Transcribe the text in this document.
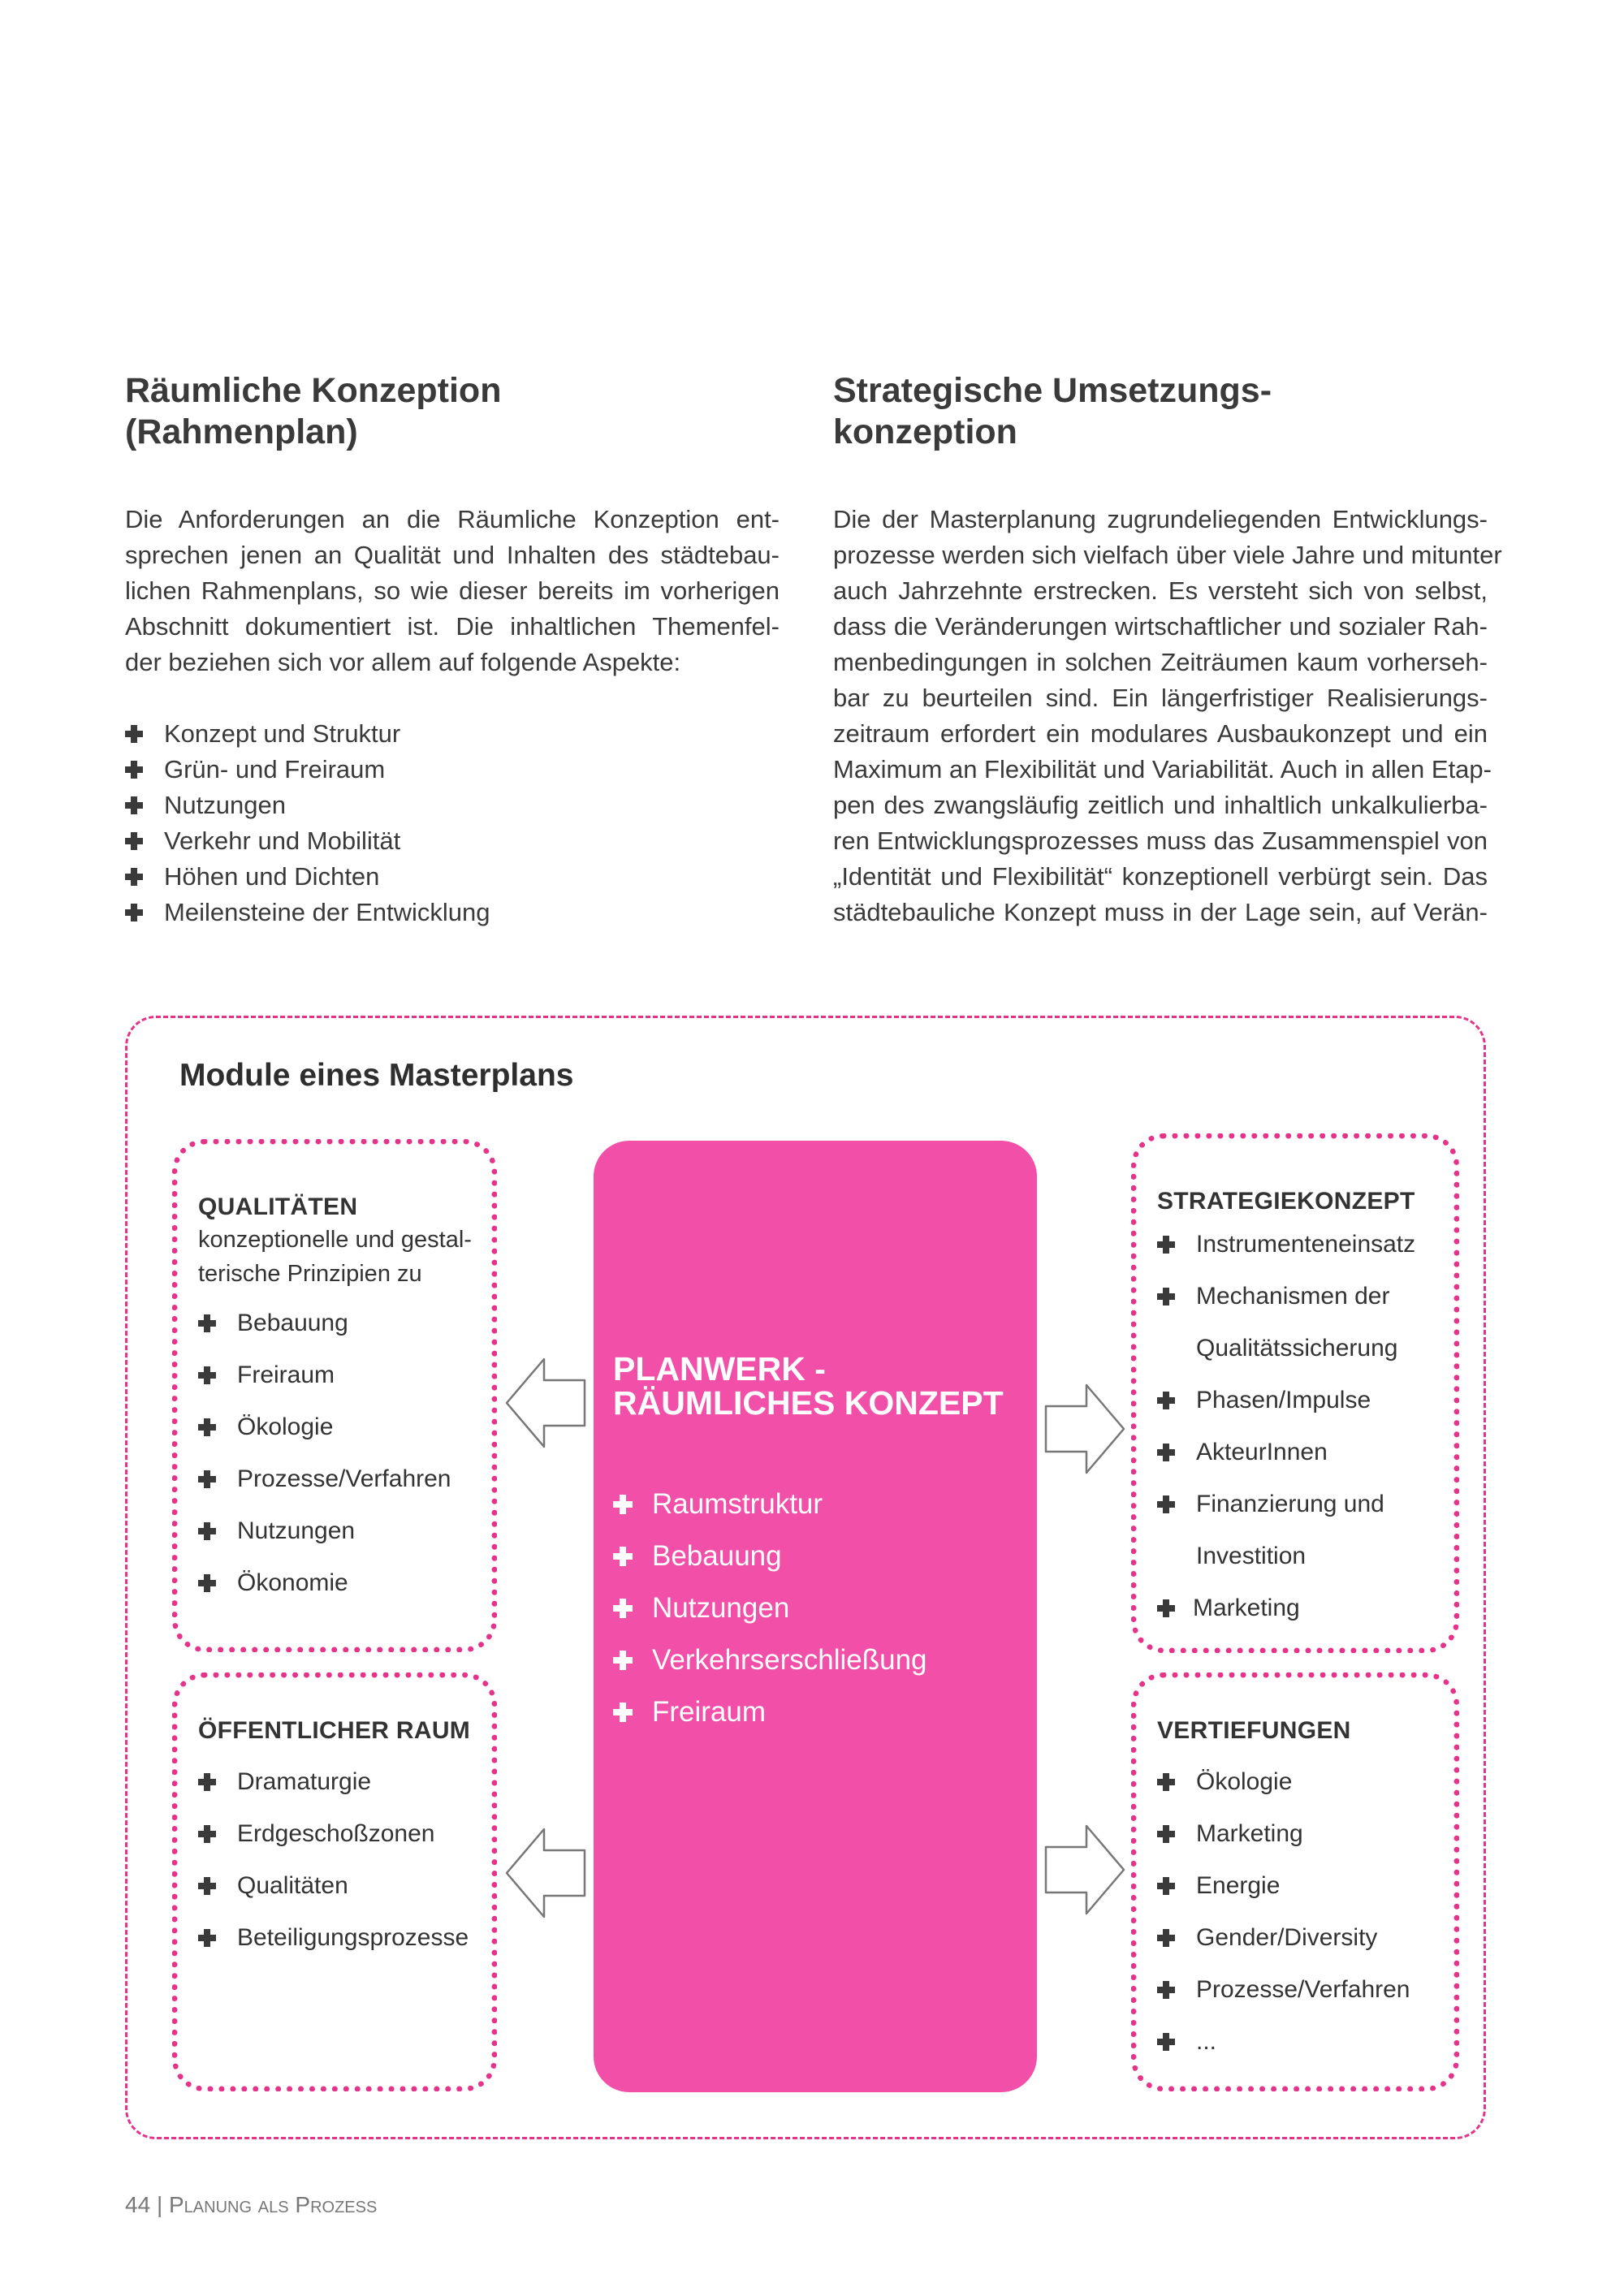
Räumliche Konzeption
(Rahmenplan)
Die Anforderungen an die Räumliche Konzeption ent-
sprechen jenen an Qualität und Inhalten des städtebau-
lichen Rahmenplans, so wie dieser bereits im vorherigen
Abschnitt dokumentiert ist. Die inhaltlichen Themenfel-
der beziehen sich vor allem auf folgende Aspekte:
Konzept und Struktur
Grün- und Freiraum
Nutzungen
Verkehr und Mobilität
Höhen und Dichten
Meilensteine der Entwicklung
Strategische Umsetzungs-
konzeption
Die der Masterplanung zugrundeliegenden Entwicklungs-
prozesse werden sich vielfach über viele Jahre und mitunter
auch Jahrzehnte erstrecken. Es versteht sich von selbst,
dass die Veränderungen wirtschaftlicher und sozialer Rah-
menbedingungen in solchen Zeiträumen kaum vorherseh-
bar zu beurteilen sind. Ein längerfristiger Realisierungs-
zeitraum erfordert ein modulares Ausbaukonzept und ein
Maximum an Flexibilität und Variabilität. Auch in allen Etap-
pen des zwangsläufig zeitlich und inhaltlich unkalkulierba-
ren Entwicklungsprozesses muss das Zusammenspiel von
„Identität und Flexibilität“ konzeptionell verbürgt sein. Das
städtebauliche Konzept muss in der Lage sein, auf Verän-
Module eines Masterplans
QUALITÄTEN
konzeptionelle und gestal-
terische Prinzipien zu
Bebauung
Freiraum
Ökologie
Prozesse/Verfahren
Nutzungen
Ökonomie
ÖFFENTLICHER RAUM
Dramaturgie
Erdgeschoßzonen
Qualitäten
Beteiligungsprozesse
PLANWERK -
RÄUMLICHES KONZEPT
Raumstruktur
Bebauung
Nutzungen
Verkehrserschließung
Freiraum
STRATEGIEKONZEPT
Instrumenteneinsatz
Mechanismen der
Qualitätssicherung
Phasen/Impulse
AkteurInnen
Finanzierung und
Investition
Marketing
VERTIEFUNGEN
Ökologie
Marketing
Energie
Gender/Diversity
Prozesse/Verfahren
...
44 | Planung als Prozess
